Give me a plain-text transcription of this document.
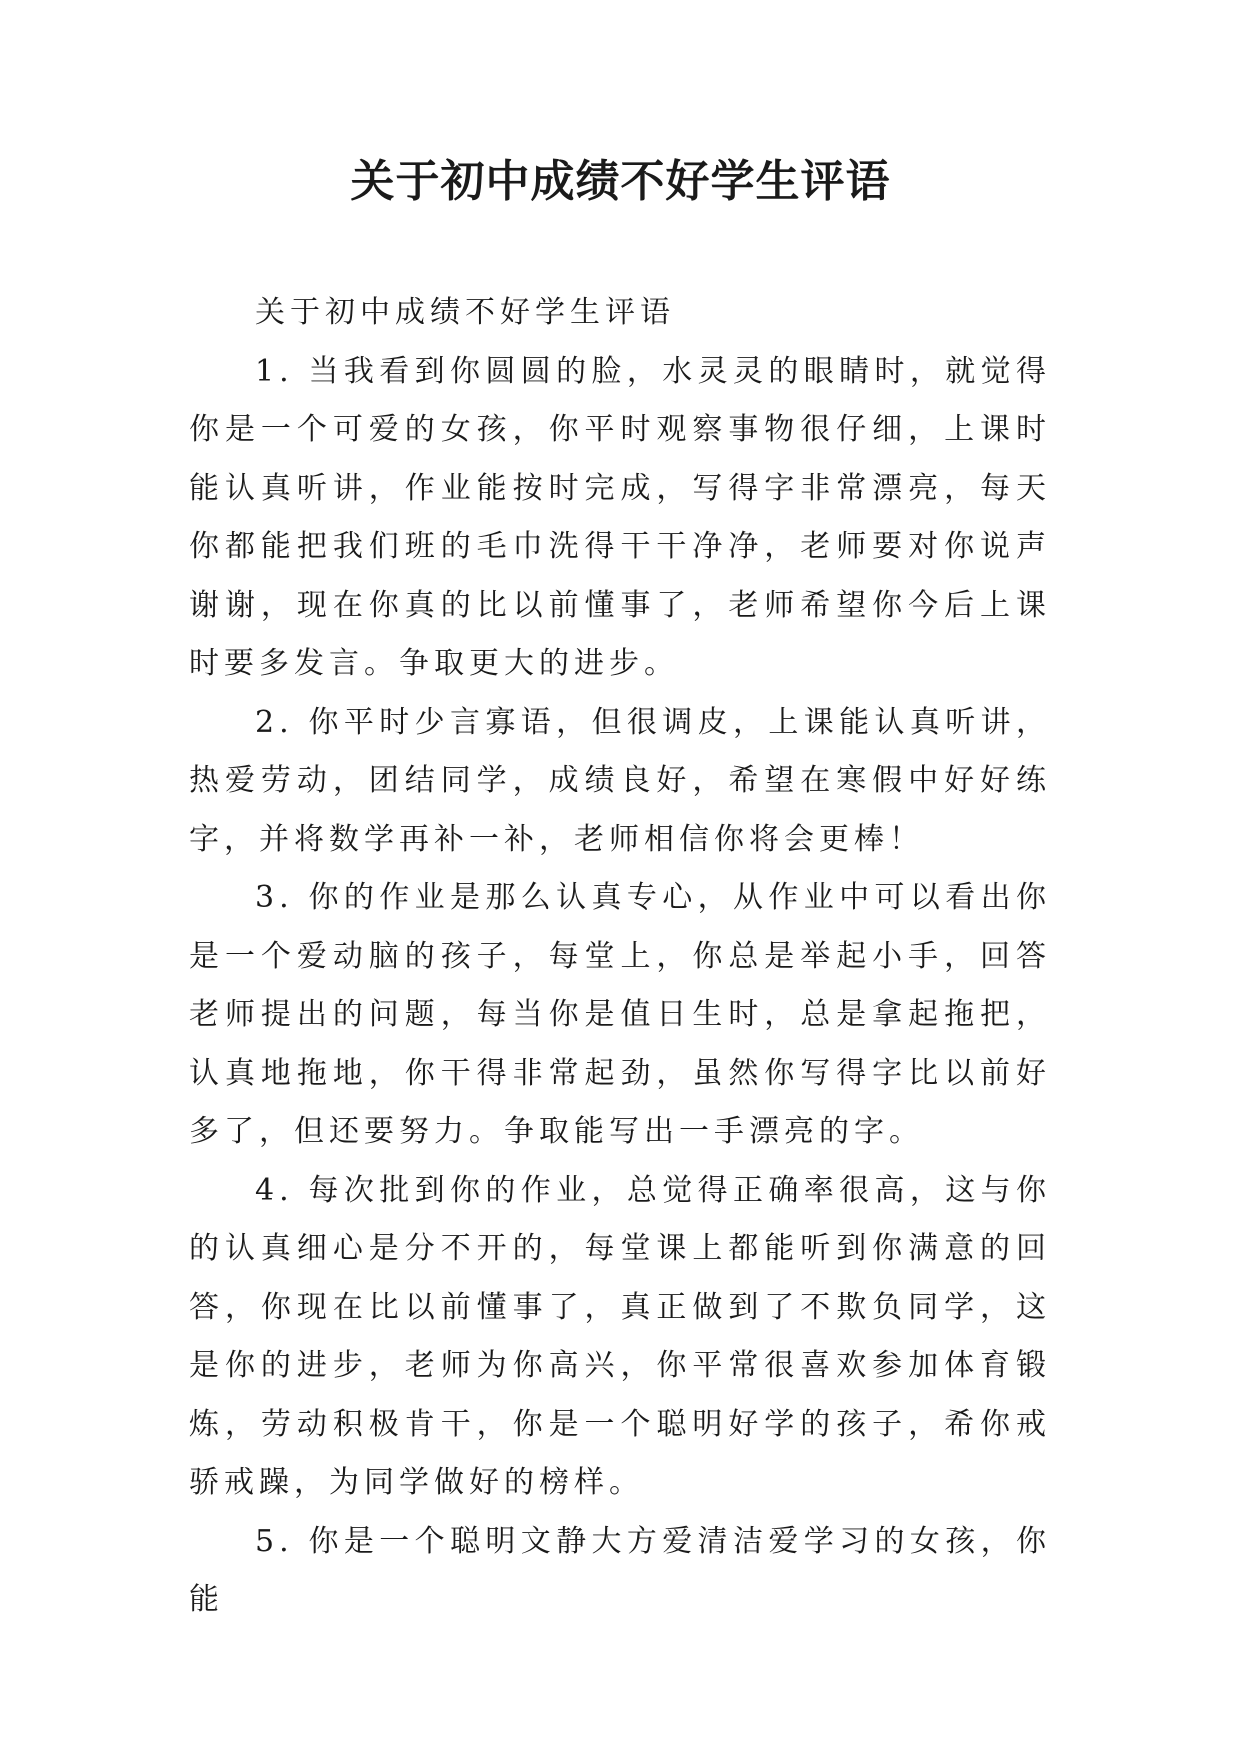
关于初中成绩不好学生评语

关于初中成绩不好学生评语

1. 当我看到你圆圆的脸，水灵灵的眼睛时，就觉得你是一个可爱的女孩，你平时观察事物很仔细，上课时能认真听讲，作业能按时完成，写得字非常漂亮，每天你都能把我们班的毛巾洗得干干净净，老师要对你说声谢谢，现在你真的比以前懂事了，老师希望你今后上课时要多发言。争取更大的进步。

2. 你平时少言寡语，但很调皮，上课能认真听讲，热爱劳动，团结同学，成绩良好，希望在寒假中好好练字，并将数学再补一补，老师相信你将会更棒！

3. 你的作业是那么认真专心，从作业中可以看出你是一个爱动脑的孩子，每堂上，你总是举起小手，回答老师提出的问题，每当你是值日生时，总是拿起拖把，认真地拖地，你干得非常起劲，虽然你写得字比以前好多了，但还要努力。争取能写出一手漂亮的字。

4. 每次批到你的作业，总觉得正确率很高，这与你的认真细心是分不开的，每堂课上都能听到你满意的回答，你现在比以前懂事了，真正做到了不欺负同学，这是你的进步，老师为你高兴，你平常很喜欢参加体育锻炼，劳动积极肯干，你是一个聪明好学的孩子，希你戒骄戒躁，为同学做好的榜样。

5. 你是一个聪明文静大方爱清洁爱学习的女孩，你能
